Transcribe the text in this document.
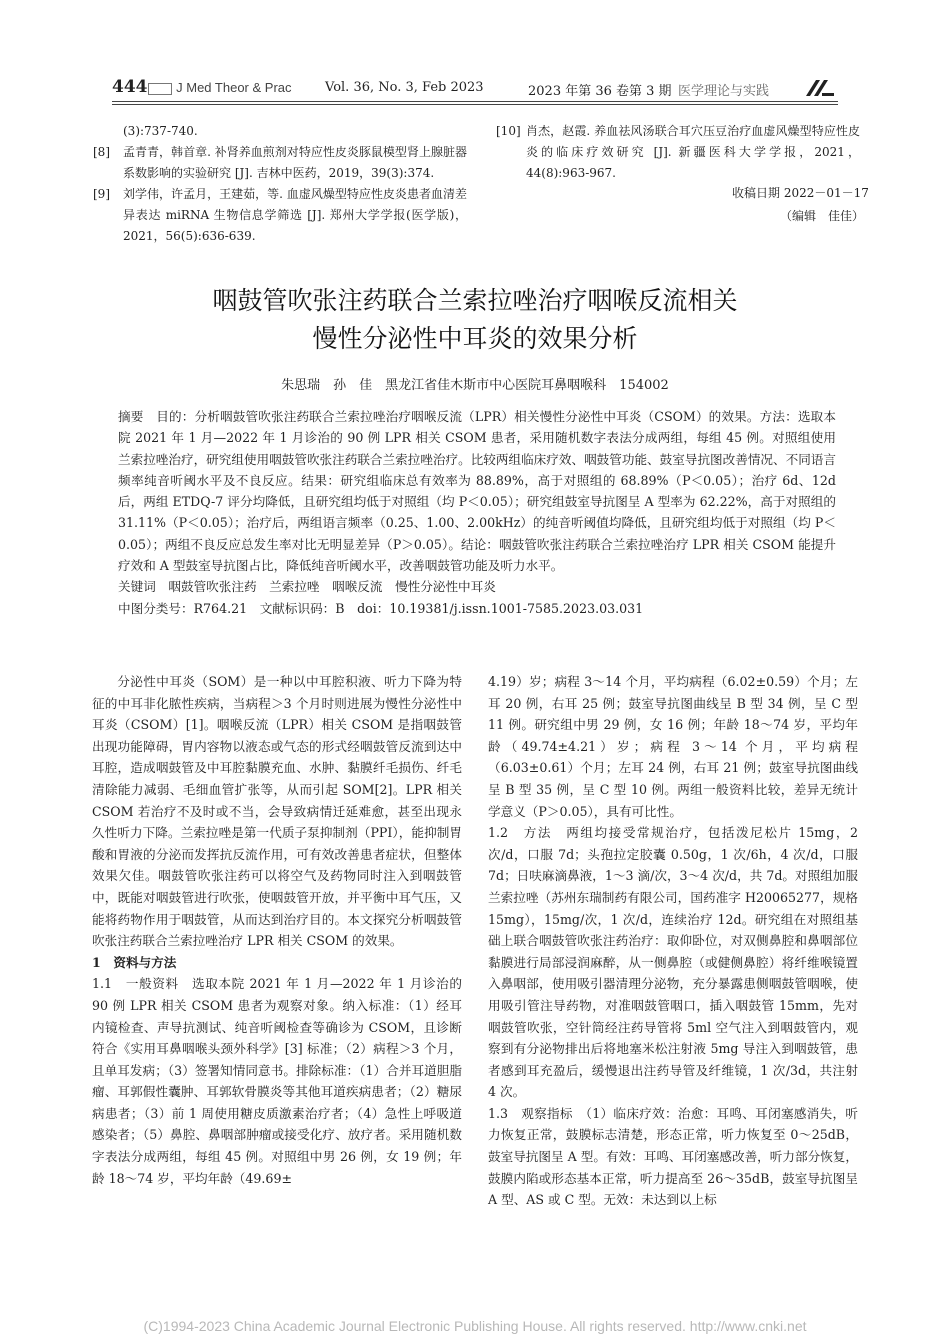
444	J Med Theor & Prac	Vol. 36, No. 3, Feb 2023	2023 年第 36 卷第 3 期 医学理论与实践
(3):737-740.
[8]	孟青青，韩首章. 补肾养血煎剂对特应性皮炎豚鼠模型肾上腺脏器系数影响的实验研究 [J]. 吉林中医药，2019，39(3):374.
[9]	刘学伟，许孟月，王建茹，等. 血虚风燥型特应性皮炎患者血清差异表达 miRNA 生物信息学筛选 [J]. 郑州大学学报(医学版)，2021，56(5):636-639.
[10] 肖杰，赵霞. 养血祛风汤联合耳穴压豆治疗血虚风燥型特应性皮炎的临床疗效研究 [J]. 新疆医科大学学报，2021，44(8):963-967.
收稿日期 2022－01－17
（编辑　佳佳）
咽鼓管吹张注药联合兰索拉唑治疗咽喉反流相关
慢性分泌性中耳炎的效果分析
朱思瑞　孙　佳　黑龙江省佳木斯市中心医院耳鼻咽喉科　154002

摘要　目的：分析咽鼓管吹张注药联合兰索拉唑治疗咽喉反流（LPR）相关慢性分泌性中耳炎（CSOM）的效果。方法：选取本院 2021 年 1 月—2022 年 1 月诊治的 90 例 LPR 相关 CSOM 患者，采用随机数字表法分成两组，每组 45 例。对照组使用兰索拉唑治疗，研究组使用咽鼓管吹张注药联合兰索拉唑治疗。比较两组临床疗效、咽鼓管功能、鼓室导抗图改善情况、不同语言频率纯音听阈水平及不良反应。结果：研究组临床总有效率为 88.89%，高于对照组的 68.89%（P＜0.05）；治疗 6d、12d 后，两组 ETDQ-7 评分均降低，且研究组均低于对照组（均 P＜0.05）；研究组鼓室导抗图呈 A 型率为 62.22%，高于对照组的 31.11%（P＜0.05）；治疗后，两组语言频率（0.25、1.00、2.00kHz）的纯音听阈值均降低，且研究组均低于对照组（均 P＜0.05）；两组不良反应总发生率对比无明显差异（P＞0.05）。结论：咽鼓管吹张注药联合兰索拉唑治疗 LPR 相关 CSOM 能提升疗效和 A 型鼓室导抗图占比，降低纯音听阈水平，改善咽鼓管功能及听力水平。

关键词　咽鼓管吹张注药　兰索拉唑　咽喉反流　慢性分泌性中耳炎

中图分类号：R764.21　文献标识码：B　doi：10.19381/j.issn.1001-7585.2023.03.031

分泌性中耳炎（SOM）是一种以中耳腔积液、听力下降为特征的中耳非化脓性疾病，当病程＞3 个月时则进展为慢性分泌性中耳炎（CSOM）[1]。咽喉反流（LPR）相关 CSOM 是指咽鼓管出现功能障碍，胃内容物以液态或气态的形式经咽鼓管反流到达中耳腔，造成咽鼓管及中耳腔黏膜充血、水肿、黏膜纤毛损伤、纤毛清除能力减弱、毛细血管扩张等，从而引起 SOM[2]。LPR 相关 CSOM 若治疗不及时或不当，会导致病情迁延难愈，甚至出现永久性听力下降。兰索拉唑是第一代质子泵抑制剂（PPI），能抑制胃酸和胃液的分泌而发挥抗反流作用，可有效改善患者症状，但整体效果欠佳。咽鼓管吹张注药可以将空气及药物同时注入到咽鼓管中，既能对咽鼓管进行吹张，使咽鼓管开放，并平衡中耳气压，又能将药物作用于咽鼓管，从而达到治疗目的。本文探究分析咽鼓管吹张注药联合兰索拉唑治疗 LPR 相关 CSOM 的效果。

1　资料与方法

1.1　一般资料　选取本院 2021 年 1 月—2022 年 1 月诊治的 90 例 LPR 相关 CSOM 患者为观察对象。纳入标准：（1）经耳内镜检查、声导抗测试、纯音听阈检查等确诊为 CSOM，且诊断符合《实用耳鼻咽喉头颈外科学》[3] 标准；（2）病程＞3 个月，且单耳发病；（3）签署知情同意书。排除标准：（1）合并耳道胆脂瘤、耳郭假性囊肿、耳郭软骨膜炎等其他耳道疾病患者；（2）糖尿病患者；（3）前 1 周使用糖皮质激素治疗者；（4）急性上呼吸道感染者；（5）鼻腔、鼻咽部肿瘤或接受化疗、放疗者。采用随机数字表法分成两组，每组 45 例。对照组中男 26 例，女 19 例；年龄 18～74 岁，平均年龄（49.69±

4.19）岁；病程 3～14 个月，平均病程（6.02±0.59）个月；左耳 20 例，右耳 25 例；鼓室导抗图曲线呈 B 型 34 例，呈 C 型 11 例。研究组中男 29 例，女 16 例；年龄 18～74 岁，平均年龄（49.74±4.21）岁；病程 3～14 个月，平均病程（6.03±0.61）个月；左耳 24 例，右耳 21 例；鼓室导抗图曲线呈 B 型 35 例，呈 C 型 10 例。两组一般资料比较，差异无统计学意义（P＞0.05），具有可比性。

1.2　方法　两组均接受常规治疗，包括泼尼松片 15mg，2 次/d，口服 7d；头孢拉定胶囊 0.50g，1 次/6h，4 次/d，口服 7d；日呋麻滴鼻液，1～3 滴/次，3～4 次/d，共 7d。对照组加服兰索拉唑（苏州东瑞制药有限公司，国药准字 H20065277，规格 15mg），15mg/次，1 次/d，连续治疗 12d。研究组在对照组基础上联合咽鼓管吹张注药治疗：取仰卧位，对双侧鼻腔和鼻咽部位黏膜进行局部浸润麻醉，从一侧鼻腔（或健侧鼻腔）将纤维喉镜置入鼻咽部，使用吸引器清理分泌物，充分暴露患侧咽鼓管咽喉，使用吸引管注导药物，对准咽鼓管咽口，插入咽鼓管 15mm，先对咽鼓管吹张，空针筒经注药导管将 5ml 空气注入到咽鼓管内，观察到有分泌物排出后将地塞米松注射液 5mg 导注入到咽鼓管，患者感到耳充盈后，缓慢退出注药导管及纤维镜，1 次/3d，共注射 4 次。

1.3　观察指标　（1）临床疗效：治愈：耳鸣、耳闭塞感消失，听力恢复正常，鼓膜标志清楚，形态正常，听力恢复至 0～25dB，鼓室导抗图呈 A 型。有效：耳鸣、耳闭塞感改善，听力部分恢复，鼓膜内陷或形态基本正常，听力提高至 26～35dB，鼓室导抗图呈 A 型、AS 或 C 型。无效：未达到以上标

(C)1994-2023 China Academic Journal Electronic Publishing House. All rights reserved. http://www.cnki.net
